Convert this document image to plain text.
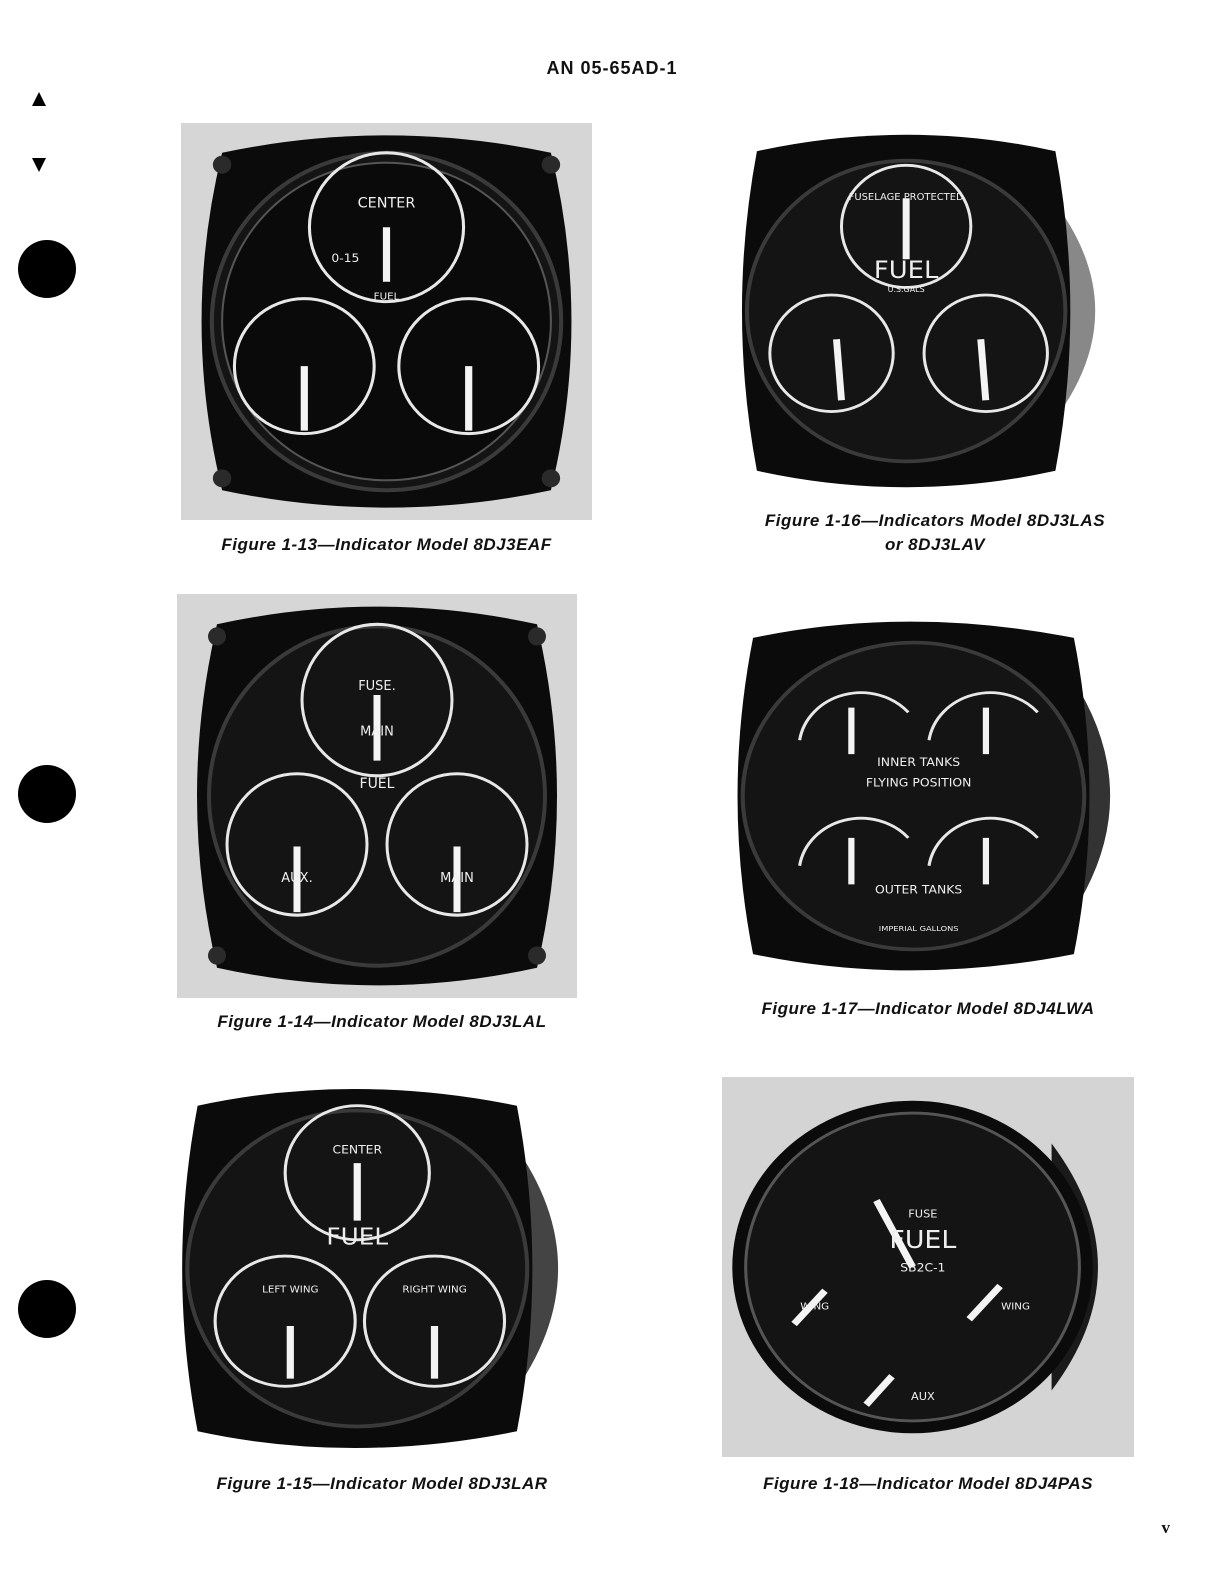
AN 05-65AD-1
CENTER
FUEL
0-15
Figure 1-13—Indicator Model 8DJ3EAF
FUSELAGE PROTECTED
FUEL
U.S.GALS
Figure 1-16—Indicators Model 8DJ3LAS
or 8DJ3LAV
FUSE.
MAIN
FUEL
AUX.	MAIN
Figure 1-14—Indicator Model 8DJ3LAL
INNER TANKS
FLYING POSITION
OUTER TANKS
IMPERIAL GALLONS
Figure 1-17—Indicator Model 8DJ4LWA
CENTER
FUEL
LEFT WING	RIGHT WING
Figure 1-15—Indicator Model 8DJ3LAR
FUSE
FUEL
SB2C-1
WING	WING
AUX
Figure 1-18—Indicator Model 8DJ4PAS
v
